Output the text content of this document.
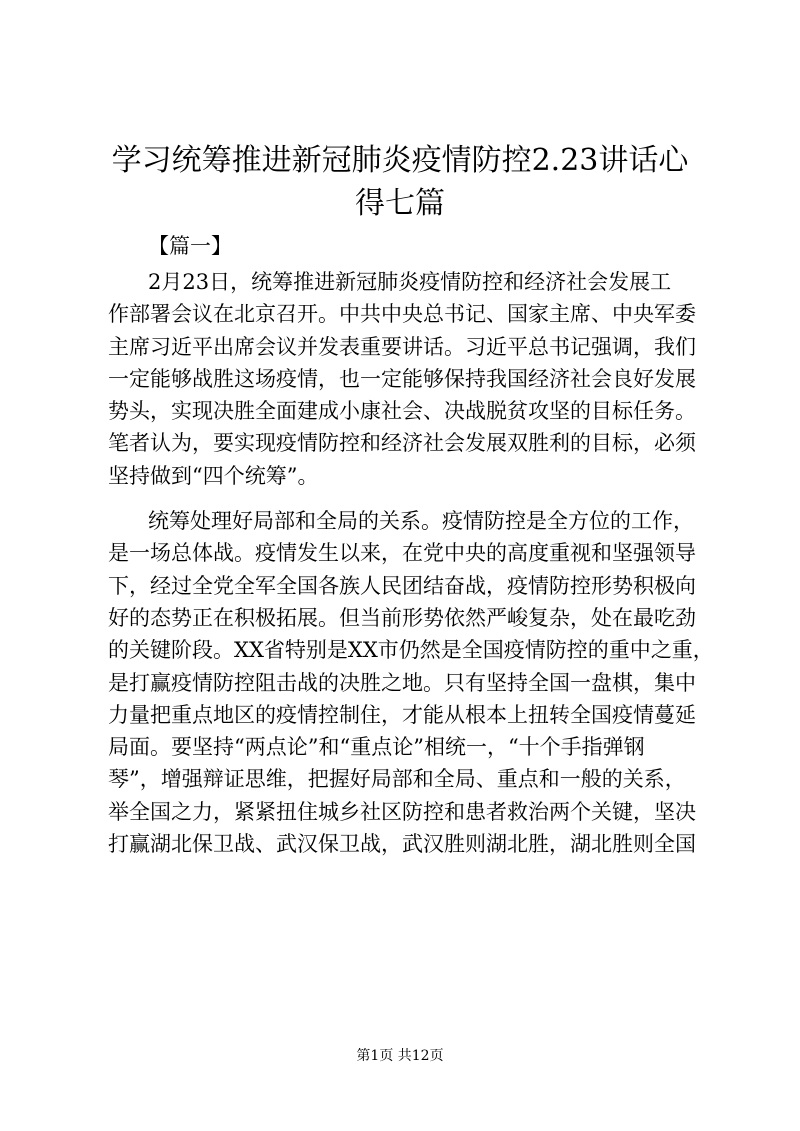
学习统筹推进新冠肺炎疫情防控2.23讲话心
得七篇
【篇一】
2月23日，统筹推进新冠肺炎疫情防控和经济社会发展工
作部署会议在北京召开。中共中央总书记、国家主席、中央军委
主席习近平出席会议并发表重要讲话。习近平总书记强调，我们
一定能够战胜这场疫情，也一定能够保持我国经济社会良好发展
势头，实现决胜全面建成小康社会、决战脱贫攻坚的目标任务。
笔者认为，要实现疫情防控和经济社会发展双胜利的目标，必须
坚持做到“四个统筹”。
统筹处理好局部和全局的关系。疫情防控是全方位的工作，
是一场总体战。疫情发生以来，在党中央的高度重视和坚强领导
下，经过全党全军全国各族人民团结奋战，疫情防控形势积极向
好的态势正在积极拓展。但当前形势依然严峻复杂，处在最吃劲
的关键阶段。XX省特别是XX市仍然是全国疫情防控的重中之重，
是打赢疫情防控阻击战的决胜之地。只有坚持全国一盘棋，集中
力量把重点地区的疫情控制住，才能从根本上扭转全国疫情蔓延
局面。要坚持“两点论”和“重点论”相统一，“十个手指弹钢
琴”，增强辩证思维，把握好局部和全局、重点和一般的关系，
举全国之力，紧紧扭住城乡社区防控和患者救治两个关键，坚决
打赢湖北保卫战、武汉保卫战，武汉胜则湖北胜，湖北胜则全国
第1页 共12页
